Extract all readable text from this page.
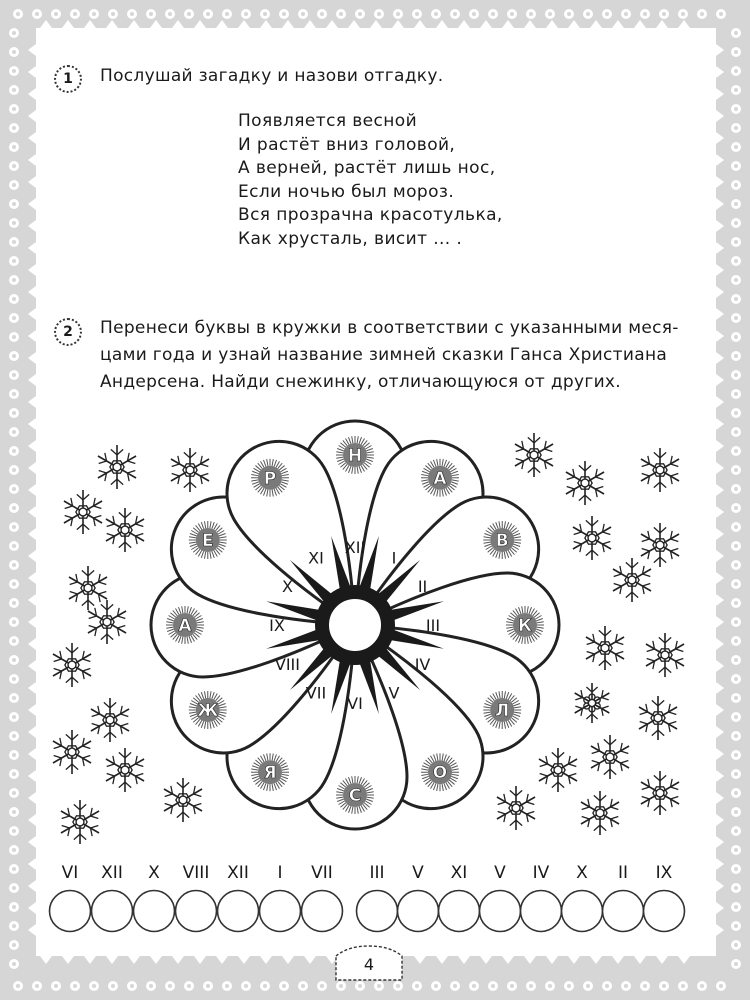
1	Послушай загадку и назови отгадку.
Появляется весной
И растёт вниз головой,
А верней, растёт лишь нос,
Если ночью был мороз.
Вся прозрачна красотулька,
Как хрусталь, висит ... .
2	Перенеси буквы в кружки в соответствии с указанными меся-
цами года и узнай название зимней сказки Ганса Христиана
Андерсена. Найди снежинку, отличающуюся от других.
Н
XII
А
I
В
II
К
III
Л
IV
О
V
С
VI
Я
VII
Ж
VIII
А	IX
Е
X
Р
XI
VI XII X VIII XII I VII III V XI V IV X II IX
4
